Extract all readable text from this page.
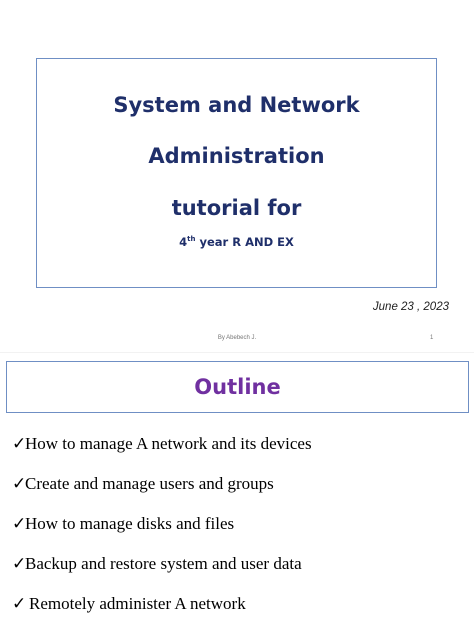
System and Network
Administration
tutorial for
4th year R AND EX
June 23 , 2023
By Abebech J.	1
Outline
✓How to manage A network and its devices
✓Create and manage users and groups
✓How to manage disks and files
✓Backup and restore system and user data
✓ Remotely administer A network
